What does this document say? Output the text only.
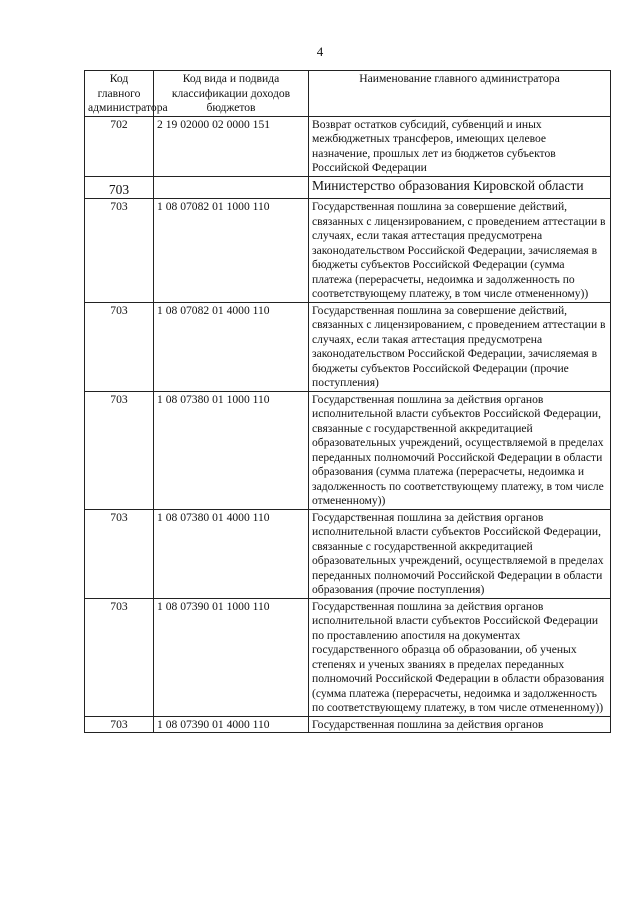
4
Код главного администратора	Код вида и подвида классификации доходов бюджетов	Наименование главного администратора
702	2 19 02000 02 0000 151	Возврат остатков субсидий, субвенций и иных межбюджетных трансферов, имеющих целевое назначение, прошлых лет из бюджетов субъектов Российской Федерации
703		Министерство образования Кировской области
703	1 08 07082 01 1000 110	Государственная пошлина за совершение действий, связанных с лицензированием, с проведением аттестации в случаях, если такая аттестация предусмотрена законодательством Российской Федерации, зачисляемая в бюджеты субъектов Российской Федерации (сумма платежа (перерасчеты, недоимка и задолженность по соответствующему платежу, в том числе отмененному))
703	1 08 07082 01 4000 110	Государственная пошлина за совершение действий, связанных с лицензированием, с проведением аттестации в случаях, если такая аттестация предусмотрена законодательством Российской Федерации, зачисляемая в бюджеты субъектов Российской Федерации (прочие поступления)
703	1 08 07380 01 1000 110	Государственная пошлина за действия органов исполнительной власти субъектов Российской Федерации, связанные с государственной аккредитацией образовательных учреждений, осуществляемой в пределах переданных полномочий Российской Федерации в области образования (сумма платежа (перерасчеты, недоимка и задолженность по соответствующему платежу, в том числе отмененному))
703	1 08 07380 01 4000 110	Государственная пошлина за действия органов исполнительной власти субъектов Российской Федерации, связанные с государственной аккредитацией образовательных учреждений, осуществляемой в пределах переданных полномочий Российской Федерации в области образования (прочие поступления)
703	1 08 07390 01 1000 110	Государственная пошлина за действия органов исполнительной власти субъектов Российской Федерации по проставлению апостиля на документах государственного образца об образовании, об ученых степенях и ученых званиях в пределах переданных полномочий Российской Федерации в области образования (сумма платежа (перерасчеты, недоимка и задолженность по соответствующему платежу, в том числе отмененному))
703	1 08 07390 01 4000 110	Государственная пошлина за действия органов
